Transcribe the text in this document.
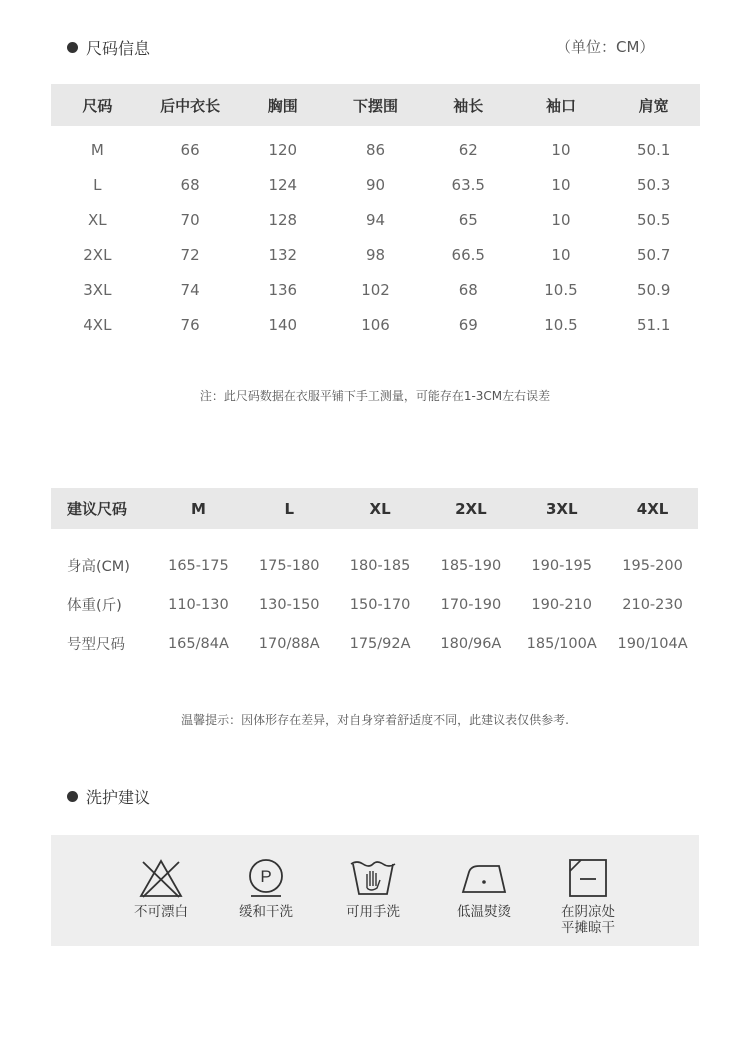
尺码信息	（单位：CM）
尺码	后中衣长	胸围	下摆围	袖长	袖口	肩宽
M	66	120	86	62	10	50.1
L	68	124	90	63.5	10	50.3
XL	70	128	94	65	10	50.5
2XL	72	132	98	66.5	10	50.7
3XL	74	136	102	68	10.5	50.9
4XL	76	140	106	69	10.5	51.1
注：此尺码数据在衣服平铺下手工测量，可能存在1-3CM左右误差
建议尺码	M	L	XL	2XL	3XL	4XL
身高(CM)	165-175	175-180	180-185	185-190	190-195	195-200
体重(斤)	110-130	130-150	150-170	170-190	190-210	210-230
号型尺码	165/84A	170/88A	175/92A	180/96A	185/100A	190/104A
温馨提示：因体形存在差异，对自身穿着舒适度不同，此建议表仅供参考.
洗护建议
不可漂白
P
缓和干洗	可用手洗	低温熨烫	在阴凉处
平摊晾干
